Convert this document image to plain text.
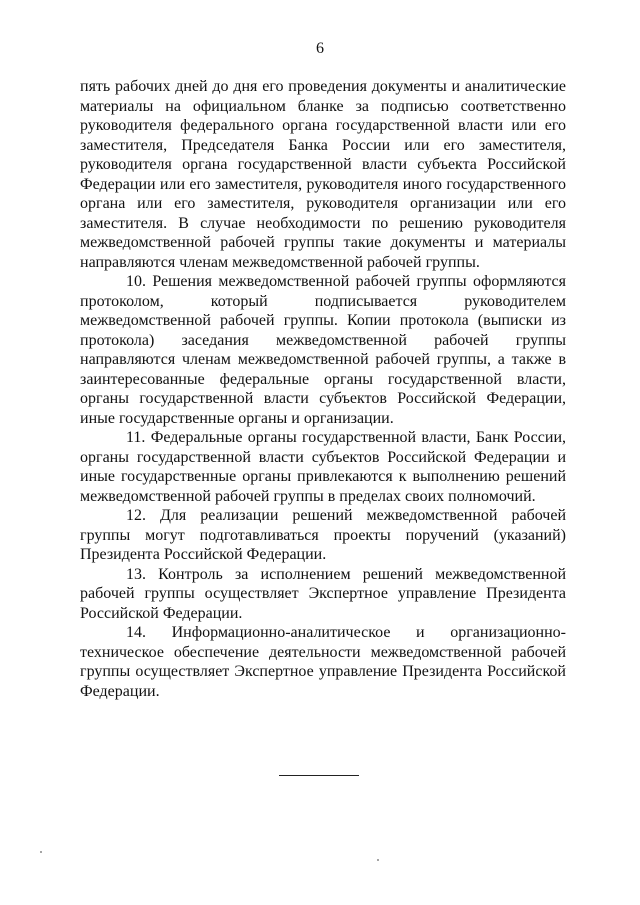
6

пять рабочих дней до дня его проведения документы и аналитические материалы на официальном бланке за подписью соответственно руководителя федерального органа государственной власти или его заместителя, Председателя Банка России или его заместителя, руководителя органа государственной власти субъекта Российской Федерации или его заместителя, руководителя иного государственного органа или его заместителя, руководителя организации или его заместителя. В случае необходимости по решению руководителя межведомственной рабочей группы такие документы и материалы направляются членам межведомственной рабочей группы.

10. Решения межведомственной рабочей группы оформляются протоколом, который подписывается руководителем межведомственной рабочей группы. Копии протокола (выписки из протокола) заседания межведомственной рабочей группы направляются членам межведомственной рабочей группы, а также в заинтересованные федеральные органы государственной власти, органы государственной власти субъектов Российской Федерации, иные государственные органы и организации.

11. Федеральные органы государственной власти, Банк России, органы государственной власти субъектов Российской Федерации и иные государственные органы привлекаются к выполнению решений межведомственной рабочей группы в пределах своих полномочий.

12. Для реализации решений межведомственной рабочей группы могут подготавливаться проекты поручений (указаний) Президента Российской Федерации.

13. Контроль за исполнением решений межведомственной рабочей группы осуществляет Экспертное управление Президента Российской Федерации.

14. Информационно-аналитическое и организационно-техническое обеспечение деятельности межведомственной рабочей группы осуществляет Экспертное управление Президента Российской Федерации.
